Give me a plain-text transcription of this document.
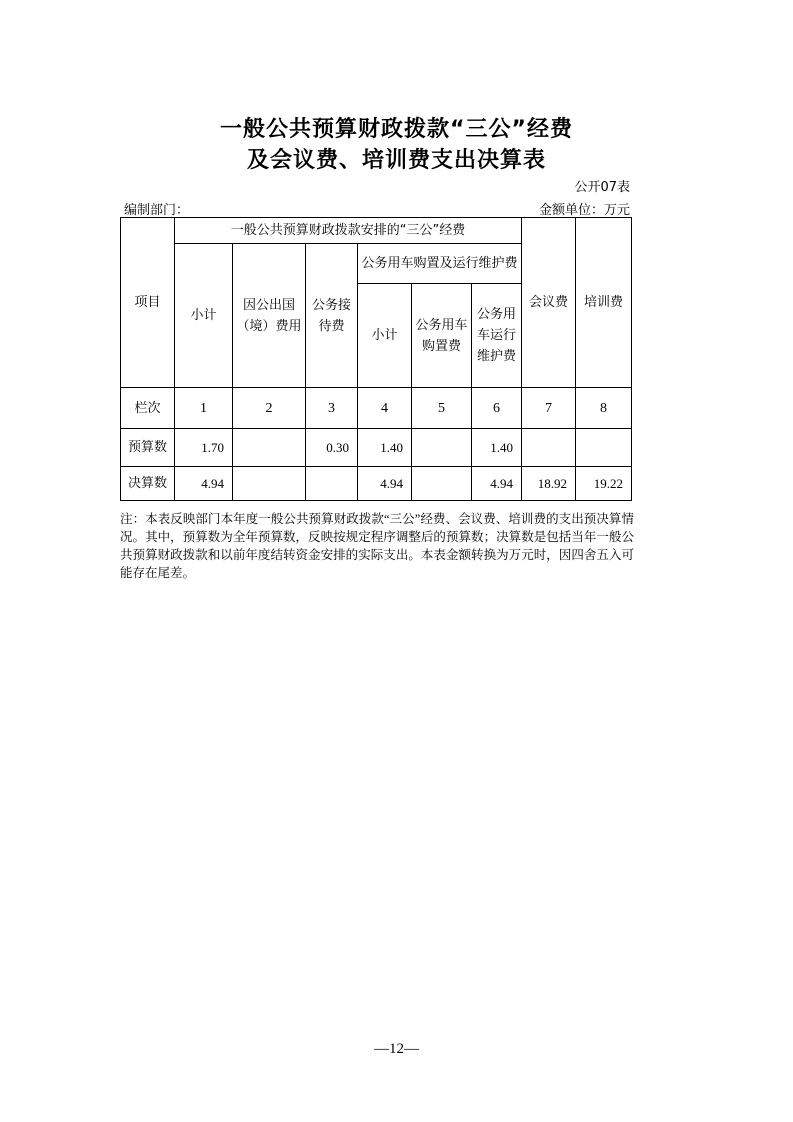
一般公共预算财政拨款“三公”经费
及会议费、培训费支出决算表
公开07表
编制部门：	金额单位：万元
项目	一般公共预算财政拨款安排的“三公”经费						会议费	培训费
	小计	因公出国（境）费用	公务接待费	公务用车购置及运行维护费				
				小计	公务用车购置费	公务用车运行维护费		
栏次	1	2	3	4	5	6	7	8
预算数	1.70		0.30	1.40		1.40		
决算数	4.94			4.94		4.94	18.92	19.22
注：本表反映部门本年度一般公共预算财政拨款“三公”经费、会议费、培训费的支出预决算情况。其中，预算数为全年预算数，反映按规定程序调整后的预算数；决算数是包括当年一般公共预算财政拨款和以前年度结转资金安排的实际支出。本表金额转换为万元时，因四舍五入可能存在尾差。
—12—
